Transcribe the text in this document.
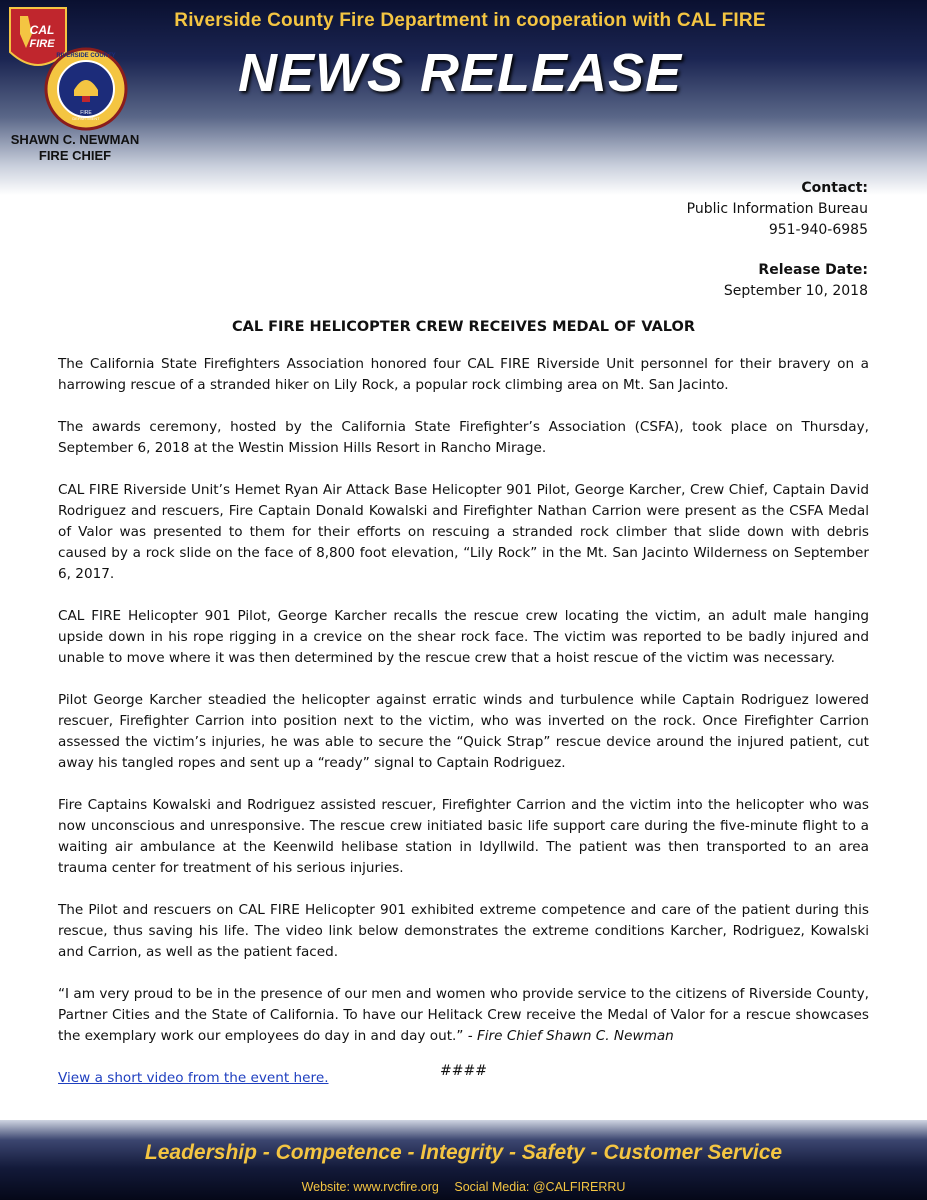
CAL
FIRE
FIRE
DEPARTMENT
RIVERSIDE COUNTY
SHAWN C. NEWMAN
FIRE CHIEF
Riverside County Fire Department in cooperation with CAL FIRE
NEWS RELEASE
Contact:
Public Information Bureau
951-940-6985
Release Date:
September 10, 2018
CAL FIRE HELICOPTER CREW RECEIVES MEDAL OF VALOR

The California State Firefighters Association honored four CAL FIRE Riverside Unit personnel for their bravery on a harrowing rescue of a stranded hiker on Lily Rock, a popular rock climbing area on Mt. San Jacinto.

The awards ceremony, hosted by the California State Firefighter’s Association (CSFA), took place on Thursday, September 6, 2018 at the Westin Mission Hills Resort in Rancho Mirage.

CAL FIRE Riverside Unit’s Hemet Ryan Air Attack Base Helicopter 901 Pilot, George Karcher, Crew Chief, Captain David Rodriguez and rescuers, Fire Captain Donald Kowalski and Firefighter Nathan Carrion were present as the CSFA Medal of Valor was presented to them for their efforts on rescuing a stranded rock climber that slide down with debris caused by a rock slide on the face of 8,800 foot elevation, “Lily Rock” in the Mt. San Jacinto Wilderness on September 6, 2017.

CAL FIRE Helicopter 901 Pilot, George Karcher recalls the rescue crew locating the victim, an adult male hanging upside down in his rope rigging in a crevice on the shear rock face. The victim was reported to be badly injured and unable to move where it was then determined by the rescue crew that a hoist rescue of the victim was necessary.

Pilot George Karcher steadied the helicopter against erratic winds and turbulence while Captain Rodriguez lowered rescuer, Firefighter Carrion into position next to the victim, who was inverted on the rock. Once Firefighter Carrion assessed the victim’s injuries, he was able to secure the “Quick Strap” rescue device around the injured patient, cut away his tangled ropes and sent up a “ready” signal to Captain Rodriguez.

Fire Captains Kowalski and Rodriguez assisted rescuer, Firefighter Carrion and the victim into the helicopter who was now unconscious and unresponsive. The rescue crew initiated basic life support care during the five-minute flight to a waiting air ambulance at the Keenwild helibase station in Idyllwild. The patient was then transported to an area trauma center for treatment of his serious injuries.

The Pilot and rescuers on CAL FIRE Helicopter 901 exhibited extreme competence and care of the patient during this rescue, thus saving his life. The video link below demonstrates the extreme conditions Karcher, Rodriguez, Kowalski and Carrion, as well as the patient faced.

“I am very proud to be in the presence of our men and women who provide service to the citizens of Riverside County, Partner Cities and the State of California. To have our Helitack Crew receive the Medal of Valor for a rescue showcases the exemplary work our employees do day in and day out.” - Fire Chief Shawn C. Newman

View a short video from the event here.	####
Leadership - Competence - Integrity - Safety - Customer Service
Website: www.rvcfire.org Social Media: @CALFIRERRU
